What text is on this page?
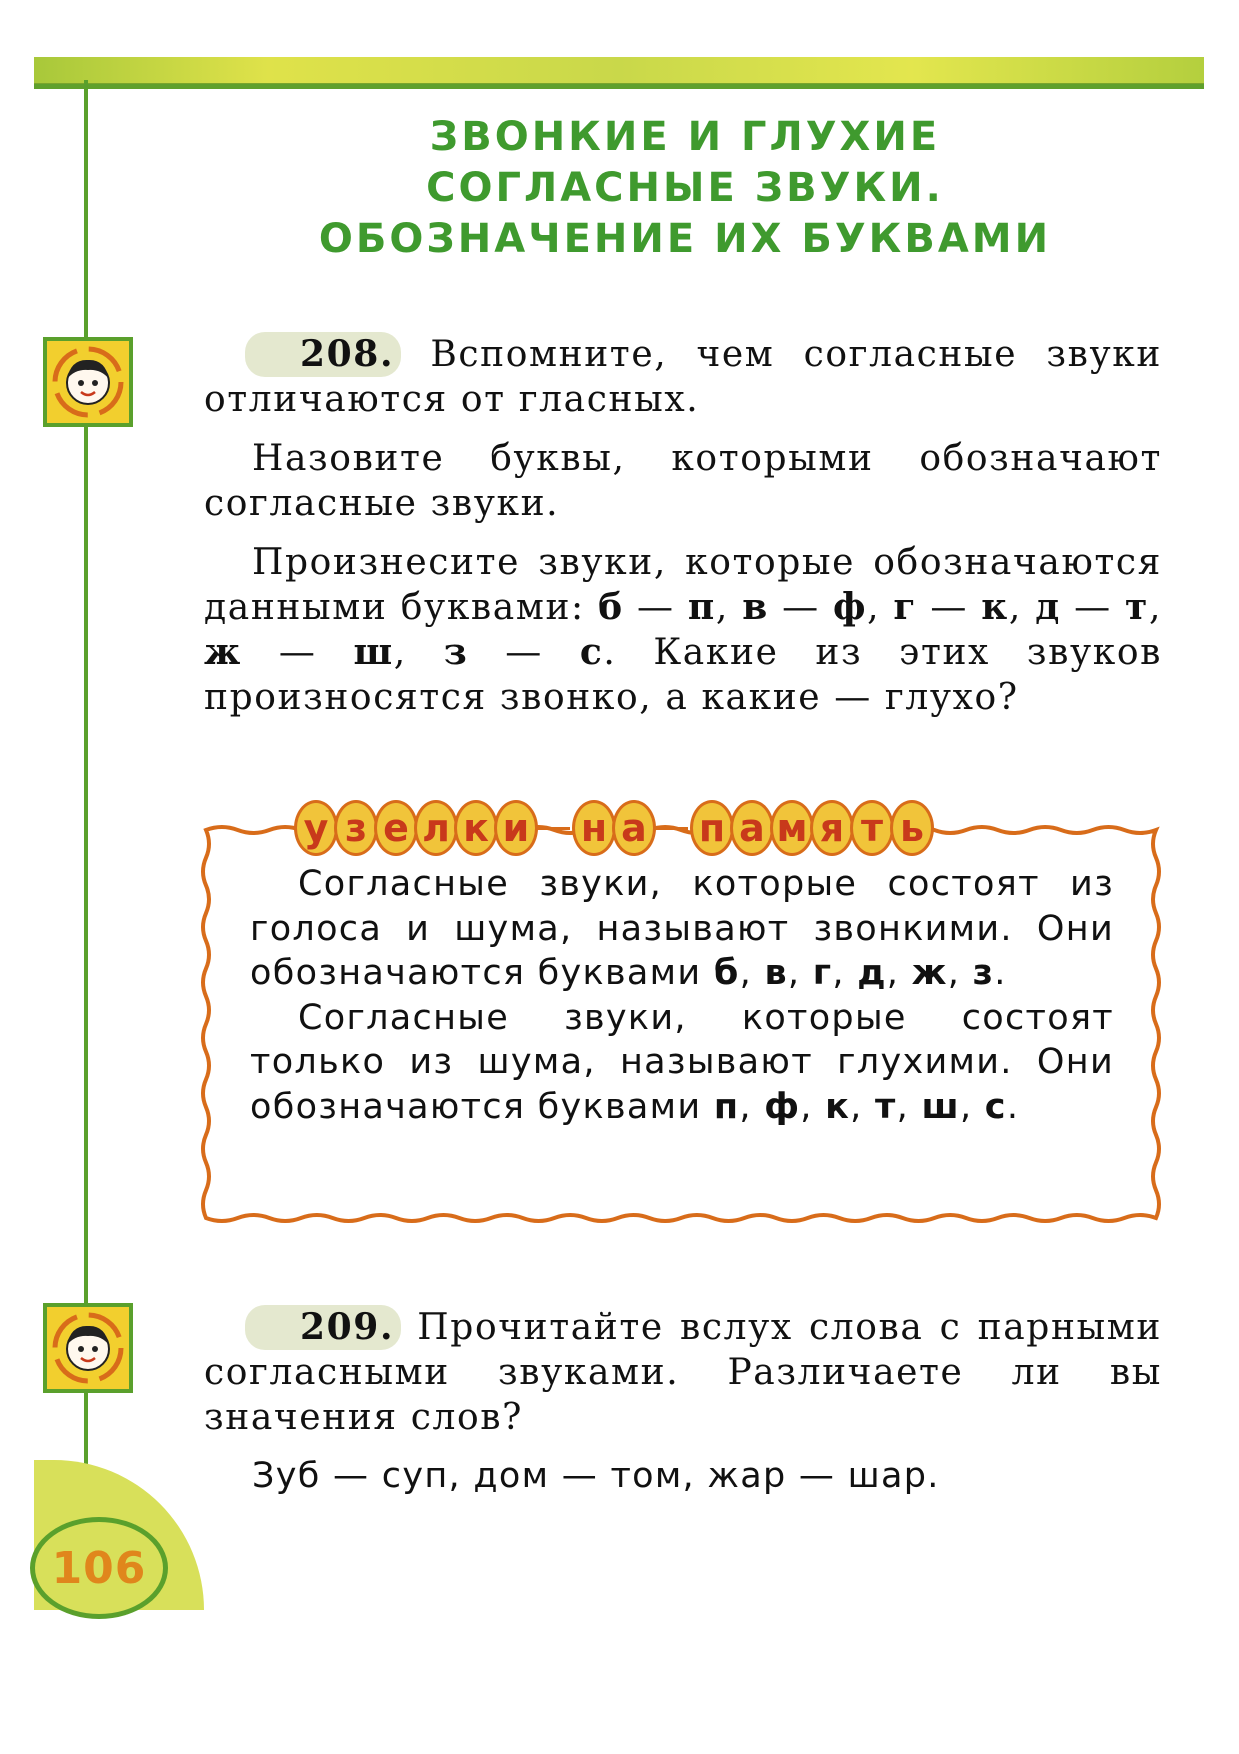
106
ЗВОНКИЕ И ГЛУХИЕ
СОГЛАСНЫЕ ЗВУКИ.
ОБОЗНАЧЕНИЕ ИХ БУКВАМИ

208. Вспомните, чем согласные звуки отличаются от гласных.

Назовите буквы, которыми обозначают согласные звуки.

Произнесите звуки, которые обозначаются данными буквами: б — п, в — ф, г — к, д — т, ж — ш, з — с. Какие из этих звуков произносятся звонко, а какие — глухо?

у з е л к и н а п а м я т ь

Согласные звуки, которые состоят из голоса и шума, называют звонкими. Они обозначаются буквами б, в, г, д, ж, з.

Согласные звуки, которые состоят только из шума, называют глухими. Они обозначаются буквами п, ф, к, т, ш, с.

209. Прочитайте вслух слова с парными согласными звуками. Различаете ли вы значения слов?

Зуб — суп, дом — том, жар — шар.
